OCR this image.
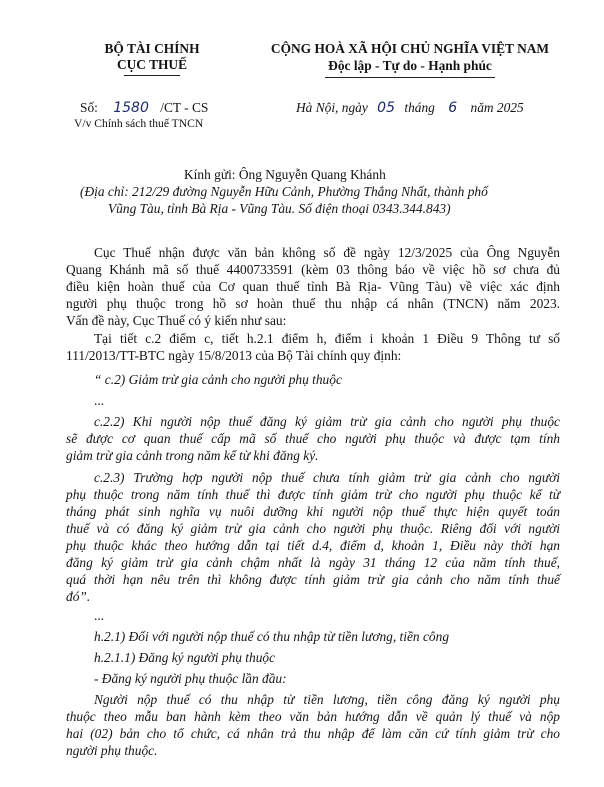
BỘ TÀI CHÍNH
CỤC THUẾ
CỘNG HOÀ XÃ HỘI CHỦ NGHĨA VIỆT NAM
Độc lập - Tự do - Hạnh phúc
Số: 1580 /CT - CS
V/v Chính sách thuế TNCN
Hà Nội, ngày 05 tháng 6 năm 2025
Kính gửi: Ông Nguyễn Quang Khánh
(Địa chỉ: 212/29 đường Nguyễn Hữu Cảnh, Phường Thắng Nhất, thành phố
Vũng Tàu, tỉnh Bà Rịa - Vũng Tàu. Số điện thoại 0343.344.843)
Cục Thuế nhận được văn bản không số đề ngày 12/3/2025 của Ông Nguyễn
Quang Khánh mã số thuế 4400733591 (kèm 03 thông báo về việc hồ sơ chưa đủ
điều kiện hoàn thuế của Cơ quan thuế tỉnh Bà Rịa- Vũng Tàu) về việc xác định
người phụ thuộc trong hồ sơ hoàn thuế thu nhập cá nhân (TNCN) năm 2023.
Vấn đề này, Cục Thuế có ý kiến như sau:
Tại tiết c.2 điểm c, tiết h.2.1 điểm h, điểm i khoản 1 Điều 9 Thông tư số
111/2013/TT-BTC ngày 15/8/2013 của Bộ Tài chính quy định:
“ c.2) Giảm trừ gia cảnh cho người phụ thuộc
...
c.2.2) Khi người nộp thuế đăng ký giảm trừ gia cảnh cho người phụ thuộc
sẽ được cơ quan thuế cấp mã số thuế cho người phụ thuộc và được tạm tính
giảm trừ gia cảnh trong năm kể từ khi đăng ký.
c.2.3) Trường hợp người nộp thuế chưa tính giảm trừ gia cảnh cho người
phụ thuộc trong năm tính thuế thì được tính giảm trừ cho người phụ thuộc kể từ
tháng phát sinh nghĩa vụ nuôi dưỡng khi người nộp thuế thực hiện quyết toán
thuế và có đăng ký giảm trừ gia cảnh cho người phụ thuộc. Riêng đối với người
phụ thuộc khác theo hướng dẫn tại tiết d.4, điểm d, khoản 1, Điều này thời hạn
đăng ký giảm trừ gia cảnh chậm nhất là ngày 31 tháng 12 của năm tính thuế,
quá thời hạn nêu trên thì không được tính giảm trừ gia cảnh cho năm tính thuế
đó”.
...
h.2.1) Đối với người nộp thuế có thu nhập từ tiền lương, tiền công
h.2.1.1) Đăng ký người phụ thuộc
- Đăng ký người phụ thuộc lần đầu:
Người nộp thuế có thu nhập từ tiền lương, tiền công đăng ký người phụ
thuộc theo mẫu ban hành kèm theo văn bản hướng dẫn về quản lý thuế và nộp
hai (02) bản cho tổ chức, cá nhân trả thu nhập để làm căn cứ tính giảm trừ cho
người phụ thuộc.
